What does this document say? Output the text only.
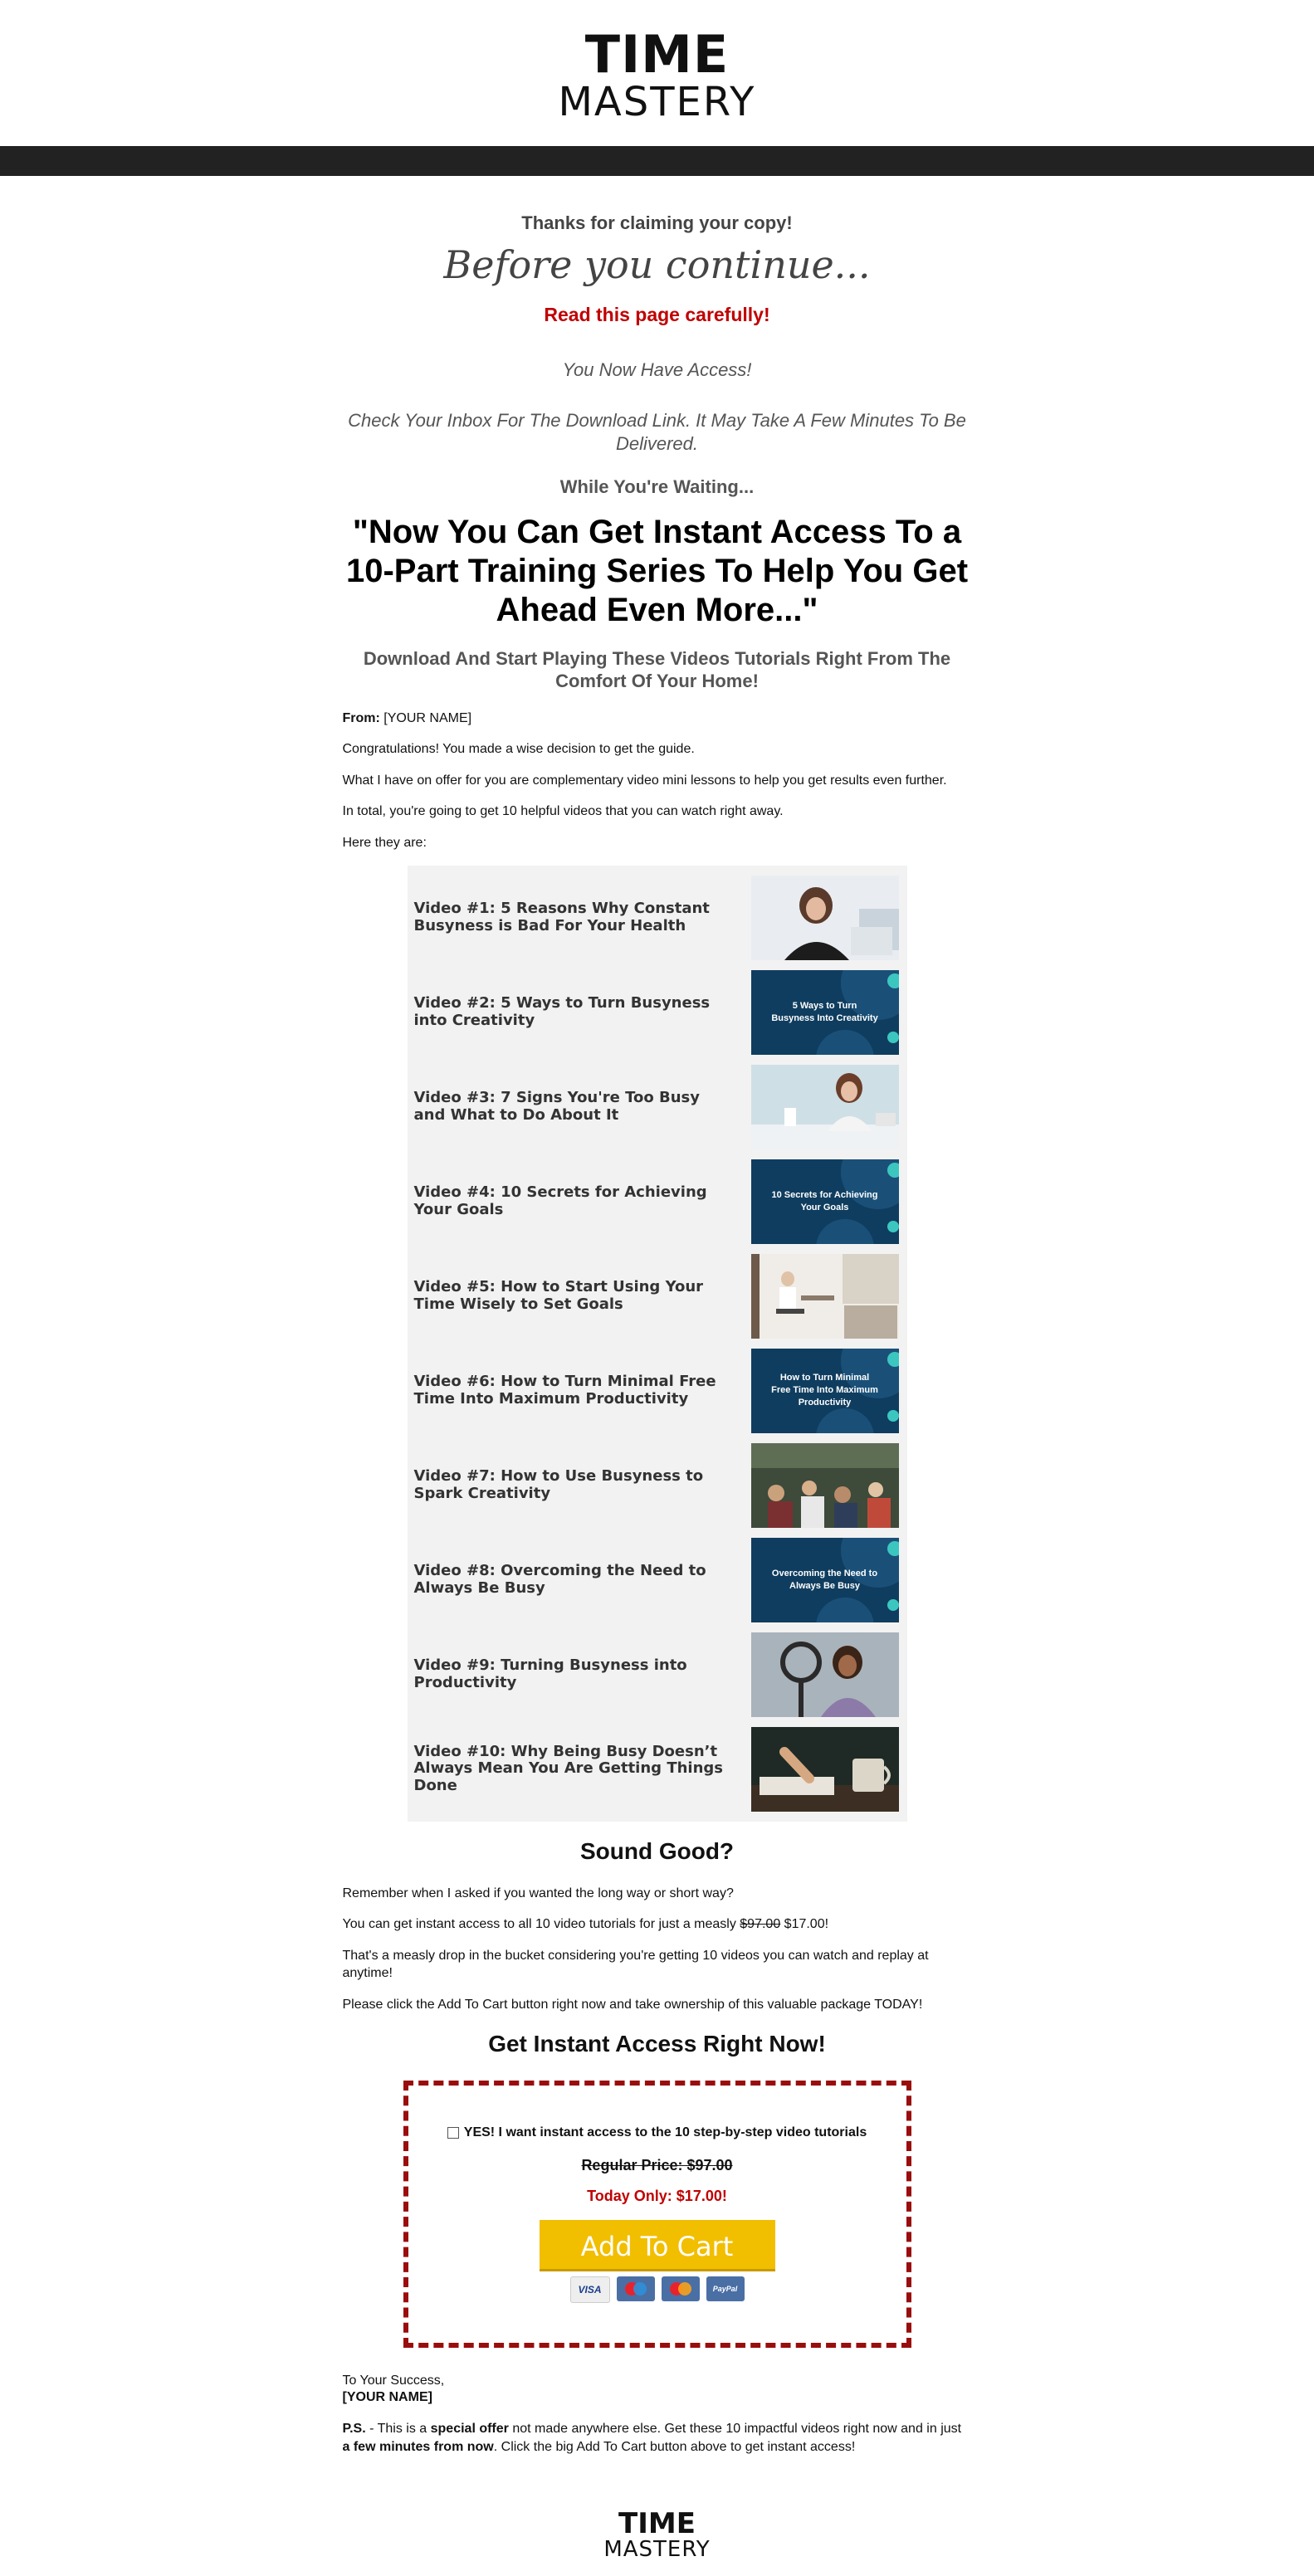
TIME
MASTERY
Thanks for claiming your copy!
Before you continue...
Read this page carefully!
You Now Have Access!
Check Your Inbox For The Download Link. It May Take A Few Minutes To Be Delivered.
While You're Waiting...
"Now You Can Get Instant Access To a 10-Part Training Series To Help You Get Ahead Even More..."
Download And Start Playing These Videos Tutorials Right From The Comfort Of Your Home!

From: [YOUR NAME]

Congratulations! You made a wise decision to get the guide.

What I have on offer for you are complementary video mini lessons to help you get results even further.

In total, you're going to get 10 helpful videos that you can watch right away.

Here they are:

Video #1: 5 Reasons Why Constant Busyness is Bad For Your Health
Video #2: 5 Ways to Turn Busyness into Creativity
5 Ways to Turn Busyness Into Creativity
Video #3: 7 Signs You're Too Busy and What to Do About It
Video #4: 10 Secrets for Achieving Your Goals
10 Secrets for Achieving Your Goals
Video #5: How to Start Using Your Time Wisely to Set Goals
Video #6: How to Turn Minimal Free Time Into Maximum Productivity
How to Turn Minimal Free Time Into Maximum Productivity
Video #7: How to Use Busyness to Spark Creativity
Video #8: Overcoming the Need to Always Be Busy
Overcoming the Need to Always Be Busy
Video #9: Turning Busyness into Productivity
Video #10: Why Being Busy Doesn’t Always Mean You Are Getting Things Done
Sound Good?

Remember when I asked if you wanted the long way or short way?

You can get instant access to all 10 video tutorials for just a measly $97.00 $17.00!

That's a measly drop in the bucket considering you're getting 10 videos you can watch and replay at anytime!

Please click the Add To Cart button right now and take ownership of this valuable package TODAY!

Get Instant Access Right Now!
YES! I want instant access to the 10 step-by-step video tutorials
Regular Price: $97.00
Today Only: $17.00!
Add To Cart
VISA	PayPal
To Your Success,
[YOUR NAME]

P.S. - This is a special offer not made anywhere else. Get these 10 impactful videos right now and in just a few minutes from now. Click the big Add To Cart button above to get instant access!

TIME
MASTERY
